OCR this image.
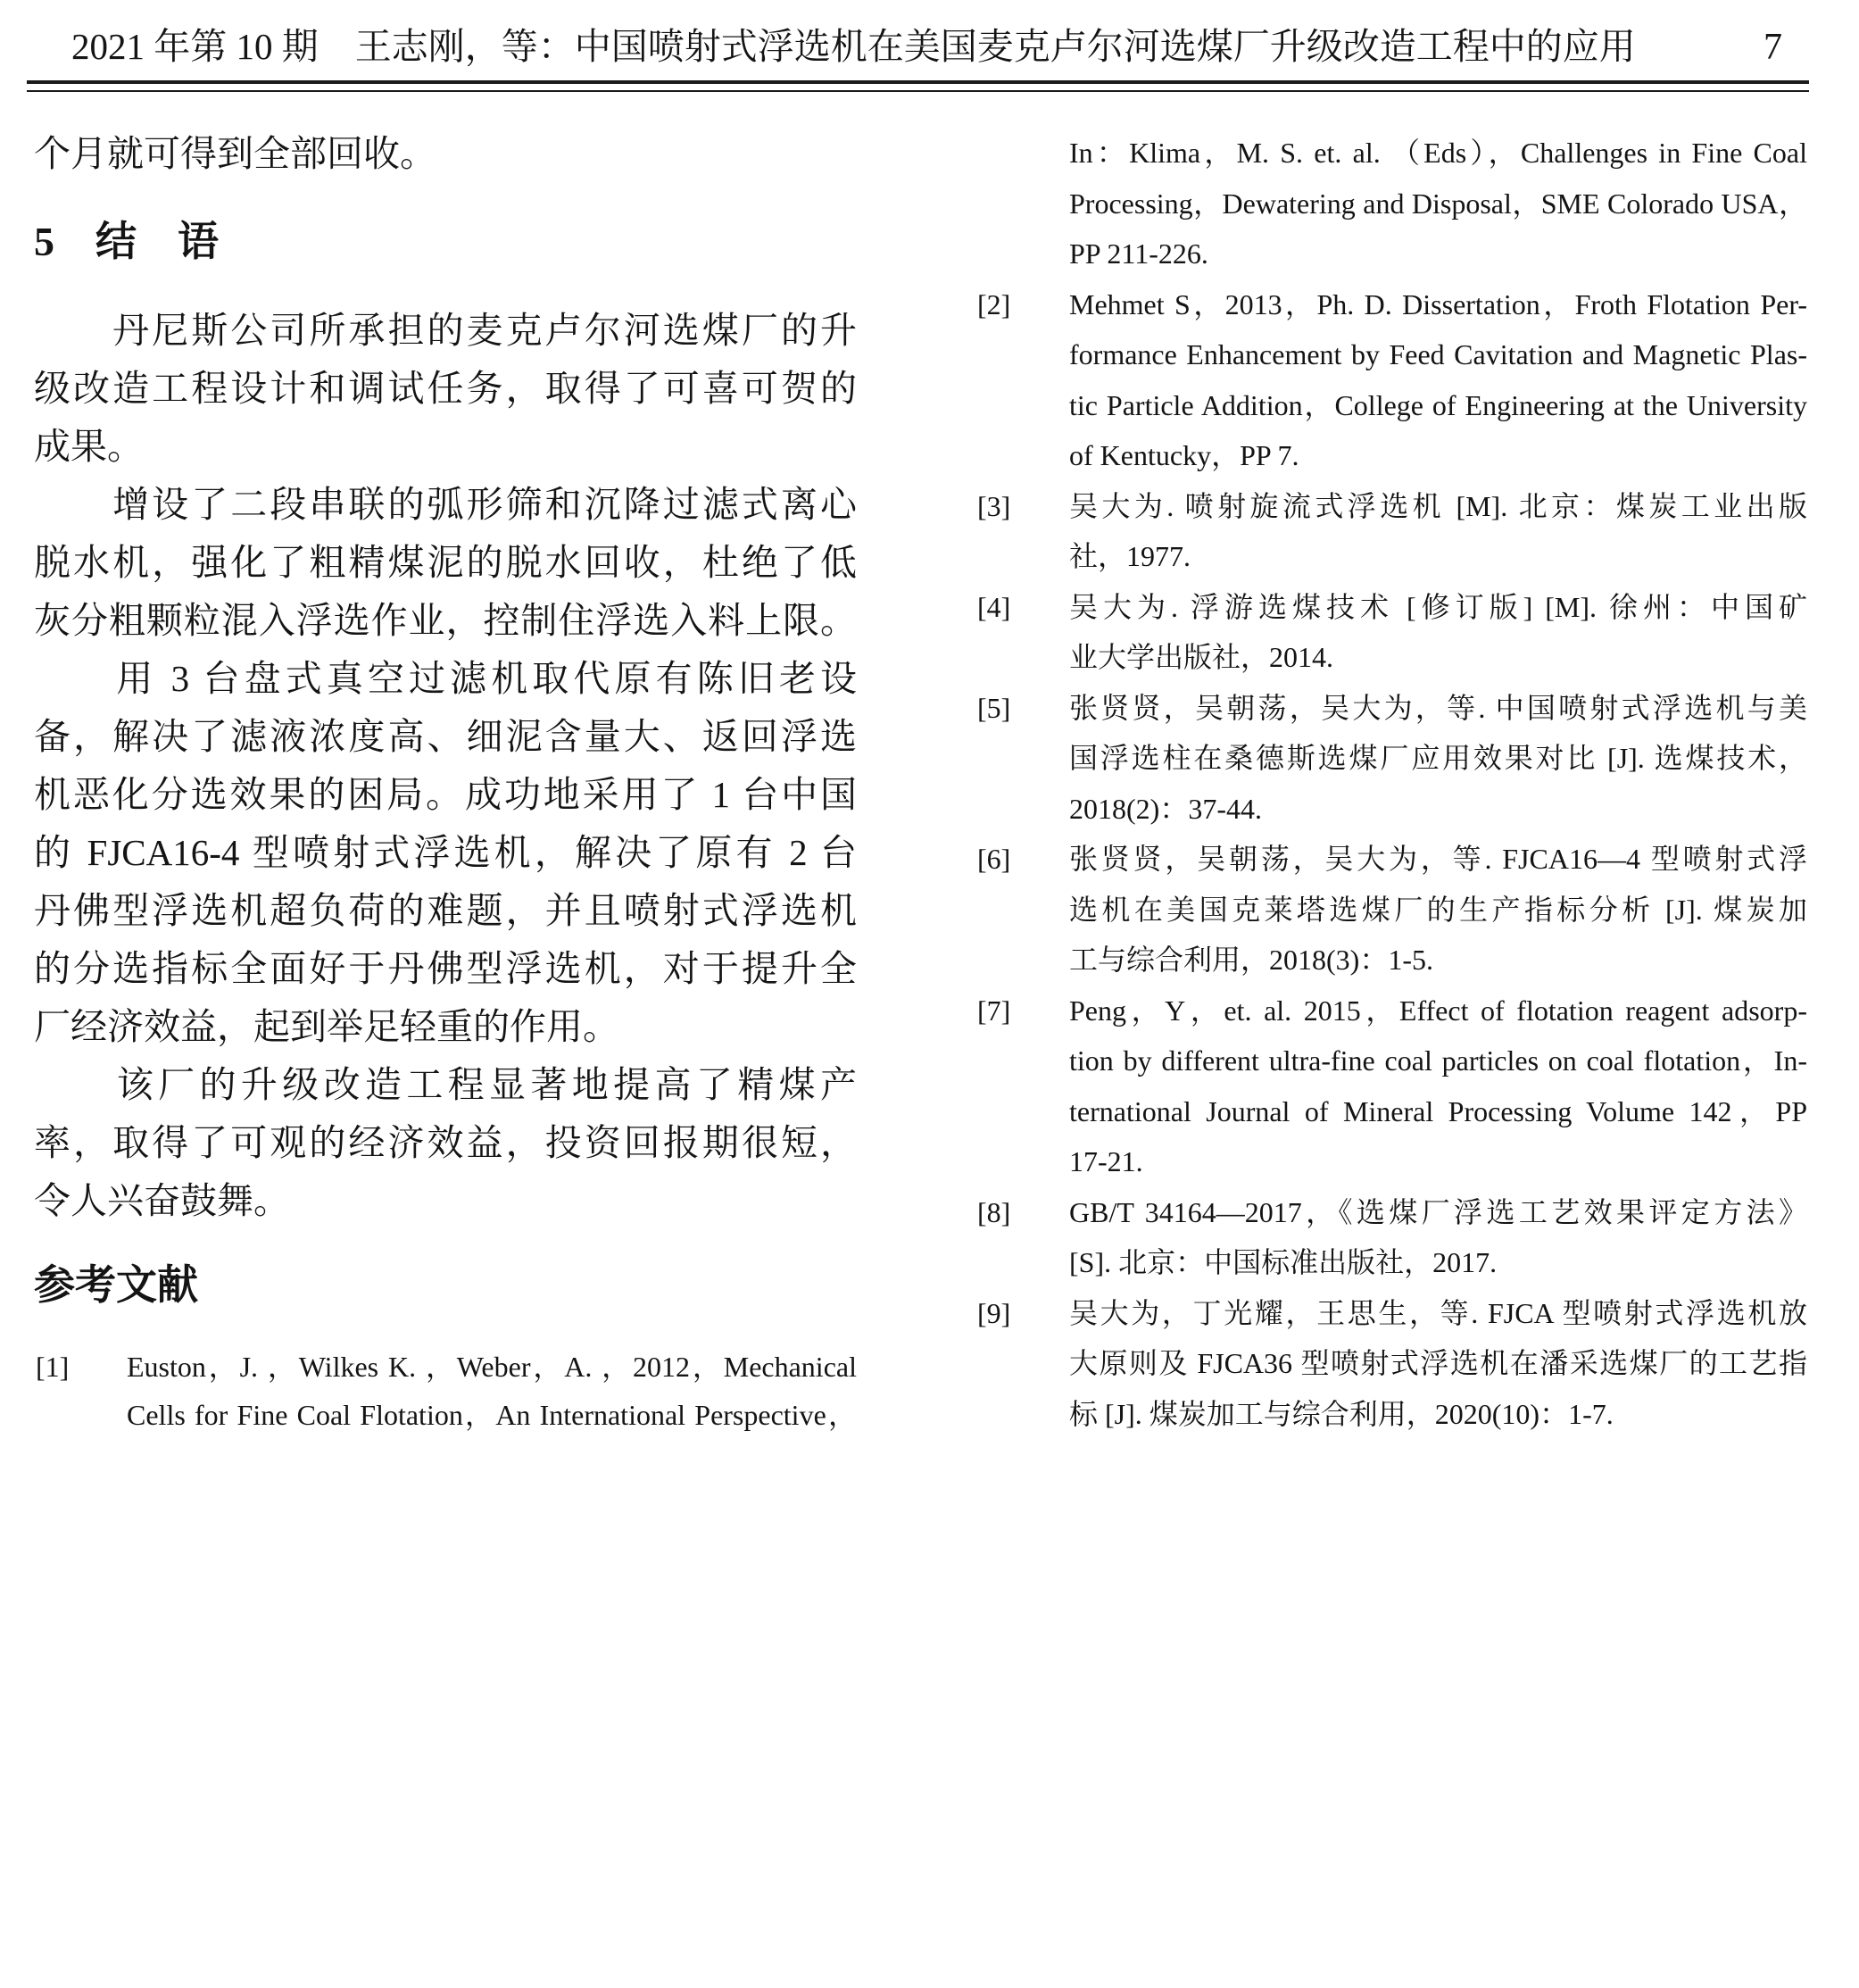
2021 年第 10 期　王志刚，等：中国喷射式浮选机在美国麦克卢尔河选煤厂升级改造工程中的应用	7
个月就可得到全部回收。
5　结　语
　　丹尼斯公司所承担的麦克卢尔河选煤厂的升
级改造工程设计和调试任务，取得了可喜可贺的
成果。
　　增设了二段串联的弧形筛和沉降过滤式离心
脱水机，强化了粗精煤泥的脱水回收，杜绝了低
灰分粗颗粒混入浮选作业，控制住浮选入料上限。
　　用 3 台盘式真空过滤机取代原有陈旧老设
备，解决了滤液浓度高、细泥含量大、返回浮选
机恶化分选效果的困局。成功地采用了 1 台中国
的 FJCA16-4 型喷射式浮选机，解决了原有 2 台
丹佛型浮选机超负荷的难题，并且喷射式浮选机
的分选指标全面好于丹佛型浮选机，对于提升全
厂经济效益，起到举足轻重的作用。
　　该厂的升级改造工程显著地提高了精煤产
率，取得了可观的经济效益，投资回报期很短，
令人兴奋鼓舞。
参考文献
[1]	Euston，J. ，Wilkes K. ，Weber，A. ，2012，Mechanical
Cells for Fine Coal Flotation，An International Perspective，
In：Klima，M. S. et. al. （Eds），Challenges in Fine Coal
Processing，Dewatering and Disposal，SME Colorado USA，
PP 211-226.
[2]	Mehmet S，2013，Ph. D. Dissertation，Froth Flotation Per-
formance Enhancement by Feed Cavitation and Magnetic Plas-
tic Particle Addition，College of Engineering at the University
of Kentucky，PP 7.
[3]	吴大为. 喷射旋流式浮选机 [M]. 北京：煤炭工业出版
社，1977.
[4]	吴大为. 浮游选煤技术 [修订版] [M]. 徐州：中国矿
业大学出版社，2014.
[5]	张贤贤，吴朝荡，吴大为，等. 中国喷射式浮选机与美
国浮选柱在桑德斯选煤厂应用效果对比 [J]. 选煤技术，
2018(2)：37-44.
[6]	张贤贤，吴朝荡，吴大为，等. FJCA16—4 型喷射式浮
选机在美国克莱塔选煤厂的生产指标分析 [J]. 煤炭加
工与综合利用，2018(3)：1-5.
[7]	Peng，Y，et. al. 2015，Effect of flotation reagent adsorp-
tion by different ultra-fine coal particles on coal flotation，In-
ternational Journal of Mineral Processing Volume 142，PP
17-21.
[8]	GB/T 34164—2017，《选煤厂浮选工艺效果评定方法》
[S]. 北京：中国标准出版社，2017.
[9]	吴大为，丁光耀，王思生，等. FJCA 型喷射式浮选机放
大原则及 FJCA36 型喷射式浮选机在潘采选煤厂的工艺指
标 [J]. 煤炭加工与综合利用，2020(10)：1-7.
